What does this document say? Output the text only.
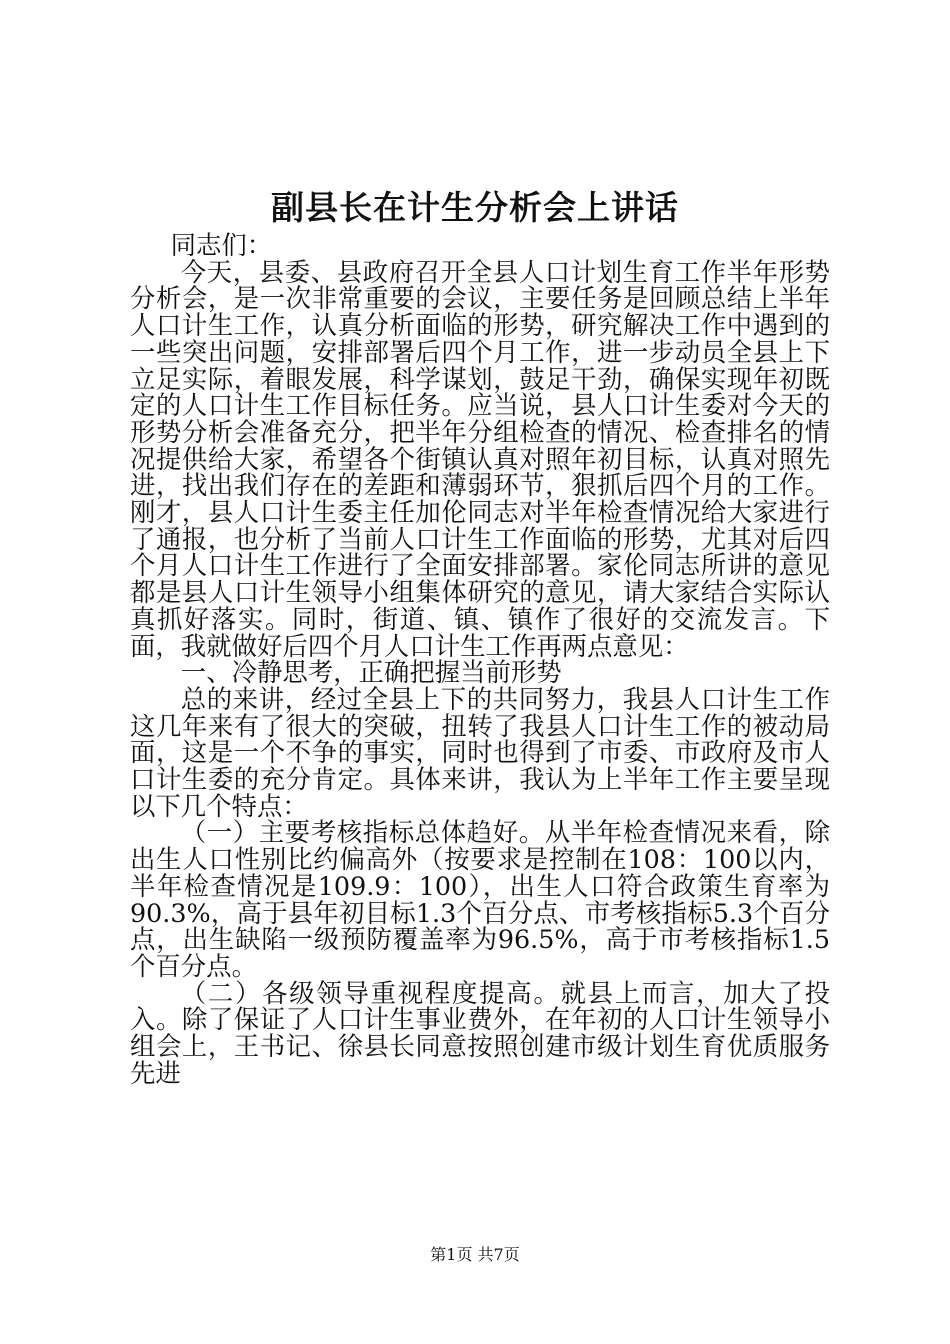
副县长在计生分析会上讲话

同志们：

今天，县委、县政府召开全县人口计划生育工作半年形势分析会，是一次非常重要的会议，主要任务是回顾总结上半年人口计生工作，认真分析面临的形势，研究解决工作中遇到的一些突出问题，安排部署后四个月工作，进一步动员全县上下立足实际，着眼发展，科学谋划，鼓足干劲，确保实现年初既定的人口计生工作目标任务。应当说，县人口计生委对今天的形势分析会准备充分，把半年分组检查的情况、检查排名的情况提供给大家，希望各个街镇认真对照年初目标，认真对照先进，找出我们存在的差距和薄弱环节，狠抓后四个月的工作。刚才，县人口计生委主任加伦同志对半年检查情况给大家进行了通报，也分析了当前人口计生工作面临的形势，尤其对后四个月人口计生工作进行了全面安排部署。家伦同志所讲的意见都是县人口计生领导小组集体研究的意见，请大家结合实际认真抓好落实。同时，街道、镇、镇作了很好的交流发言。下面，我就做好后四个月人口计生工作再两点意见：

一、冷静思考，正确把握当前形势

总的来讲，经过全县上下的共同努力，我县人口计生工作这几年来有了很大的突破，扭转了我县人口计生工作的被动局面，这是一个不争的事实，同时也得到了市委、市政府及市人口计生委的充分肯定。具体来讲，我认为上半年工作主要呈现以下几个特点：

（一）主要考核指标总体趋好。从半年检查情况来看，除出生人口性别比约偏高外（按要求是控制在108：100以内，半年检查情况是109.9：100），出生人口符合政策生育率为90.3%，高于县年初目标1.3个百分点、市考核指标5.3个百分点，出生缺陷一级预防覆盖率为96.5%，高于市考核指标1.5个百分点。

（二）各级领导重视程度提高。就县上而言，加大了投入。除了保证了人口计生事业费外，在年初的人口计生领导小组会上，王书记、徐县长同意按照创建市级计划生育优质服务先进

第1页 共7页
